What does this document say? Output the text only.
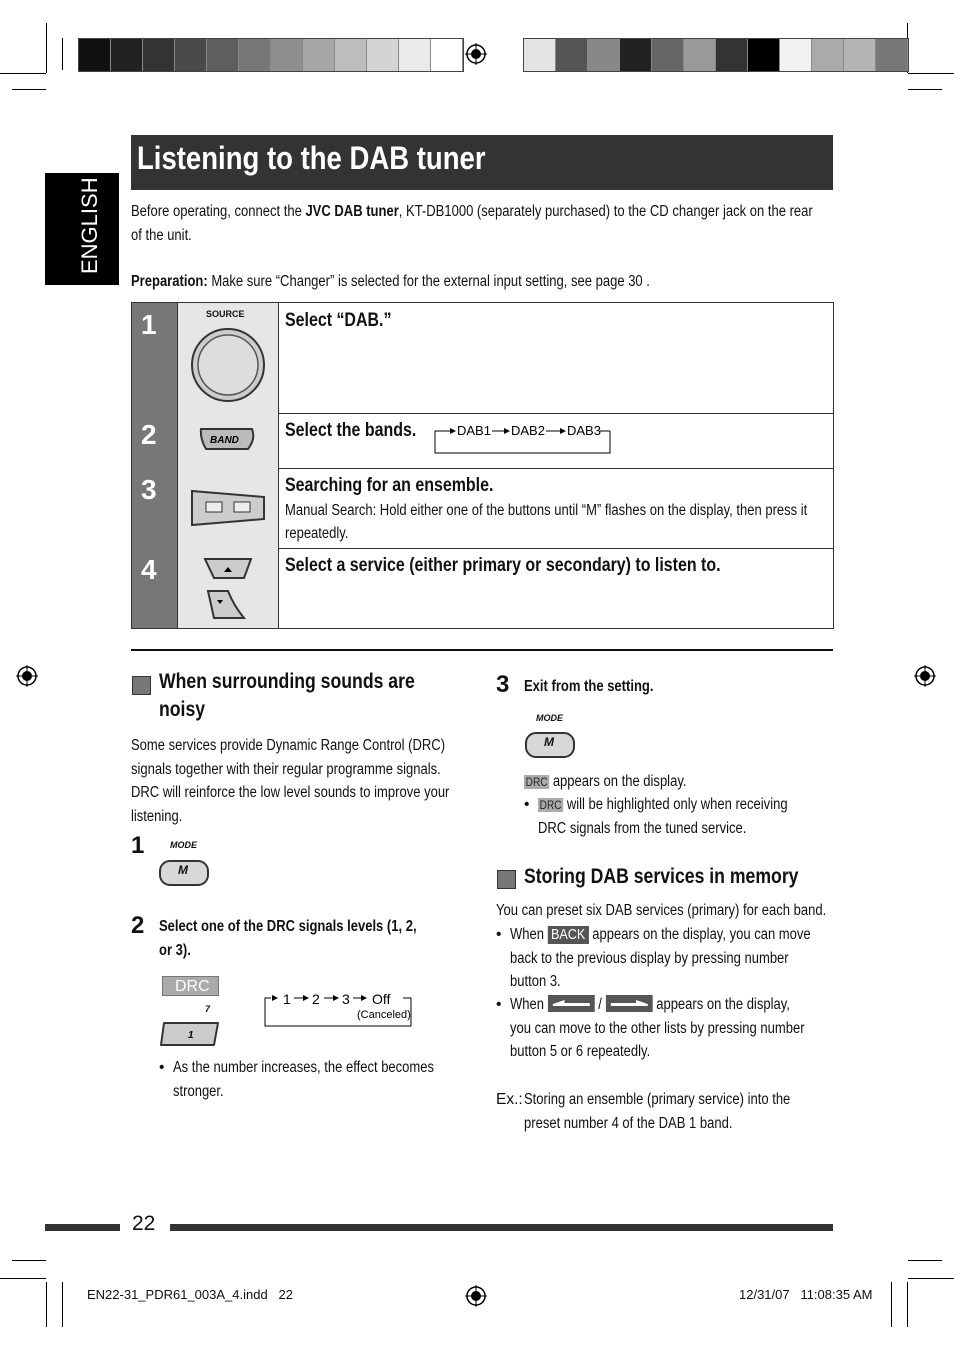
Listening to the DAB tuner
ENGLISH Before operating, connect the JVC DAB tuner, KT-DB1000 (separately purchased) to the CD changer jack on the rear
of the unit.
Preparation: Make sure “Changer” is selected for the external input setting, see page 30 .
1	SOURCE Select “DAB.”
2	BAND Select the bands.	DAB1 DAB2 DAB3
3	Searching for an ensemble. Manual Search: Hold either one of the buttons until “M” flashes on the display, then press it repeatedly.
4	Select a service (either primary or secondary) to listen to.
When surrounding sounds are
noisy
Some services provide Dynamic Range Control (DRC)
signals together with their regular programme signals.
DRC will reinforce the low level sounds to improve your
listening.
1	MODE
M
2 Select one of the DRC signals levels (1, 2,
or 3).
DRC
7
1
1 2 3 Off
(Canceled)
• As the number increases, the effect becomes
stronger.
3 Exit from the setting.
MODE
M
DRC appears on the display.
• DRC will be highlighted only when receiving
DRC signals from the tuned service.
Storing DAB services in memory
You can preset six DAB services (primary) for each band.
• When BACK appears on the display, you can move
back to the previous display by pressing number
button 3.
• When	/	appears on the display,
you can move to the other lists by pressing number
button 5 or 6 repeatedly.
Ex.: Storing an ensemble (primary service) into the
preset number 4 of the DAB 1 band.
22
EN22-31_PDR61_003A_4.indd   22	12/31/07   11:08:35 AM
